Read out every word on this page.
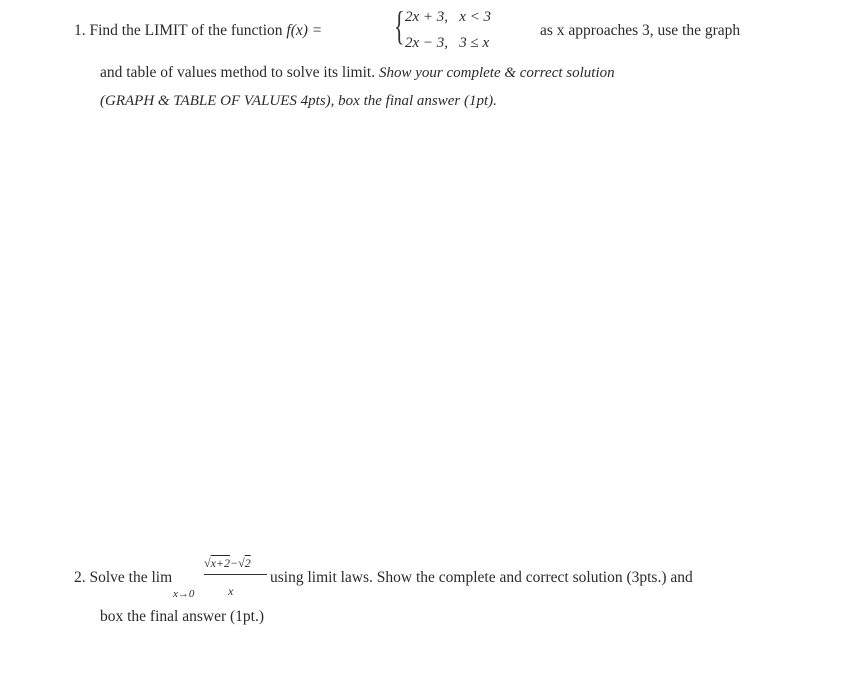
1. Find the LIMIT of the function f(x) = { 2x + 3, x < 3
2x − 3, 3 ≤ x
as x approaches 3, use the graph
and table of values method to solve its limit. Show your complete & correct solution
(GRAPH & TABLE OF VALUES 4pts), box the final answer (1pt).
2. Solve the lim
x→0
√x+2−√2
x
using limit laws. Show the complete and correct solution (3pts.) and
box the final answer (1pt.)
